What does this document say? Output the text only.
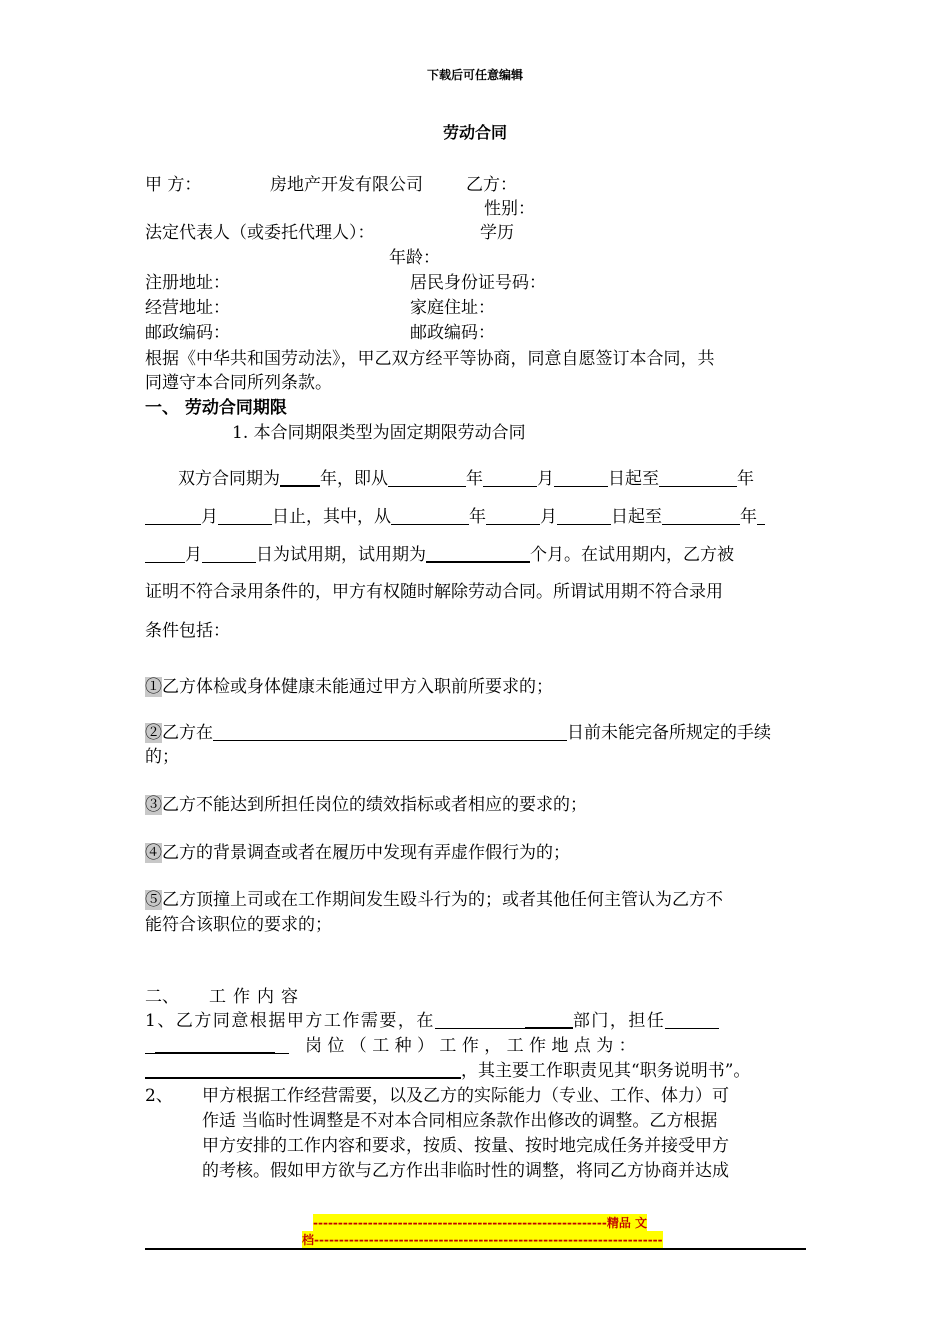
下载后可任意编辑
劳动合同
甲 方：	房地产开发有限公司	乙方：
性别：
法定代表人（或委托代理人）：	学历
年龄：
注册地址：	居民身份证号码：
经营地址：	家庭住址：
邮政编码：	邮政编码：
根据《中华共和国劳动法》，甲乙双方经平等协商，同意自愿签订本合同，共
同遵守本合同所列条款。
一、 劳动合同期限
1. 本合同期限类型为固定期限劳动合同
双方合同期为 年，即从	年	月	日起至	年
月	日止，其中，从	年	月	日起至	年
月	日为试用期，试用期为	个月。在试用期内，乙方被
证明不符合录用条件的，甲方有权随时解除劳动合同。所谓试用期不符合录用
条件包括：
①乙方体检或身体健康未能通过甲方入职前所要求的；
②乙方在	日前未能完备所规定的手续
的；
③乙方不能达到所担任岗位的绩效指标或者相应的要求的；
④乙方的背景调查或者在履历中发现有弄虚作假行为的；
⑤乙方顶撞上司或在工作期间发生殴斗行为的；或者其他任何主管认为乙方不
能符合该职位的要求的；
二、 工作内容
1、乙方同意根据甲方工作需要，在	部门，担任
岗 位 （ 工 种 ） 工 作 ， 工 作 地 点 为 ：
，其主要工作职责见其“职务说明书”。
2、 甲方根据工作经营需要，以及乙方的实际能力（专业、工作、体力）可
作适 当临时性调整是不对本合同相应条款作出修改的调整。乙方根据
甲方安排的工作内容和要求，按质、按量、按时地完成任务并接受甲方
的考核。假如甲方欲与乙方作出非临时性的调整，将同乙方协商并达成
-----------------------------------------------------------精品 文
档----------------------------------------------------------------------
